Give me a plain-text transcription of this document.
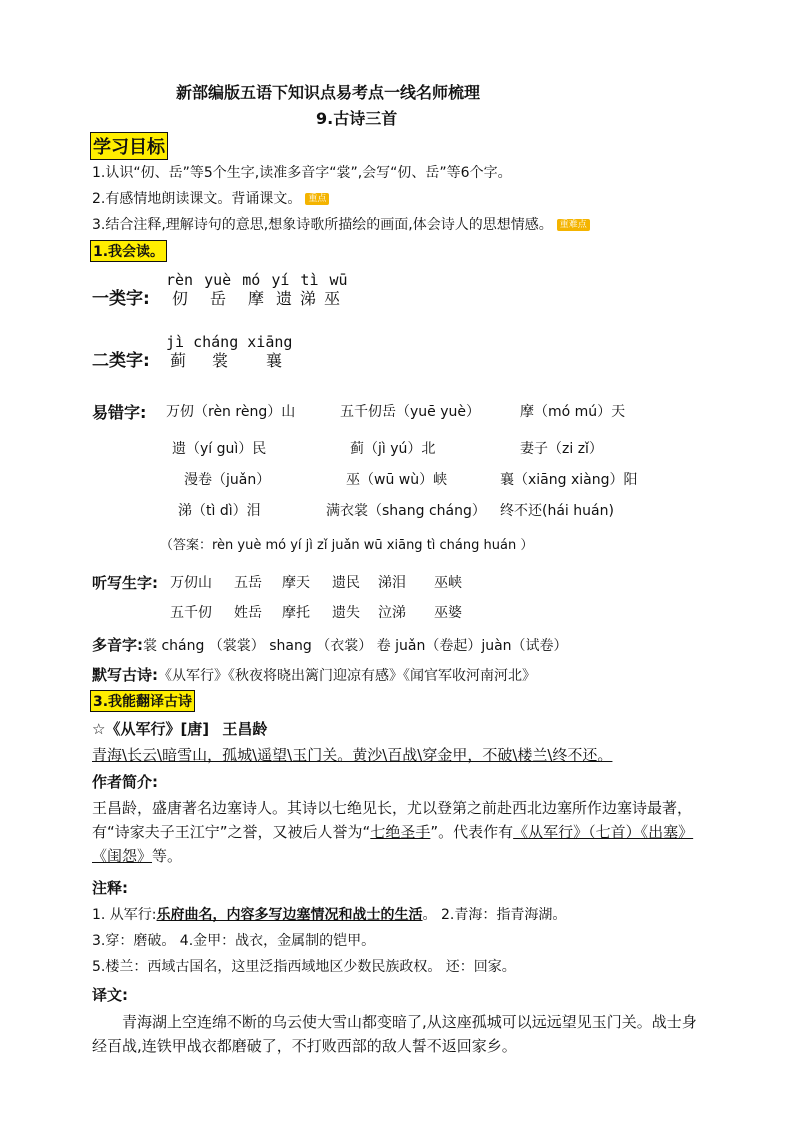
新部编版五语下知识点易考点一线名师梳理
9.古诗三首
学习目标
1.认识“仞、岳”等5个生字,读准多音字“裳”,会写“仞、岳”等6个字。
2.有感情地朗读课文。背诵课文。 重点
3.结合注释,理解诗句的意思,想象诗歌所描绘的画面,体会诗人的思想情感。 重难点
1.我会读。
rèn yuè mó yí tì wū
一类字: 仞 岳 摩 遗 涕 巫
jì cháng xiāng
二类字: 蓟 裳 襄
易错字: 万仞（rèn rèng）山	五千仞岳（yuē yuè）	摩（mó mú）天
遗（yí guì）民	蓟（jì yú）北	妻子（zi zǐ）
漫卷（juǎn）	巫（wū wù）峡	襄（xiāng xiàng）阳
涕（tì dì）泪	满衣裳（shang cháng） 终不还(hái huán)
（答案：rèn yuè mó yí jì zǐ juǎn wū xiāng tì cháng huán ）
听写生字: 万仞山 五岳 摩天 遗民 涕泪 巫峡
五千仞 姓岳 摩托 遗失 泣涕 巫婆
多音字:裳 cháng （裳裳） shang （衣裳） 卷 juǎn（卷起）juàn（试卷）
默写古诗:《从军行》《秋夜将晓出篱门迎凉有感》《闻官军收河南河北》
3.我能翻译古诗
☆《从军行》[唐] 王昌龄
青海\长云\暗雪山，孤城\遥望\玉门关。黄沙\百战\穿金甲，不破\楼兰\终不还。
作者简介:
王昌龄，盛唐著名边塞诗人。其诗以七绝见长，尤以登第之前赴西北边塞所作边塞诗最著，有“诗家夫子王江宁”之誉，又被后人誉为“七绝圣手”。代表作有《从军行》（七首）《出塞》《闺怨》等。
注释:
1. 从军行:乐府曲名，内容多写边塞情况和战士的生活。 2.青海：指青海湖。
3.穿：磨破。 4.金甲：战衣，金属制的铠甲。
5.楼兰：西域古国名，这里泛指西域地区少数民族政权。 还：回家。
译文:
青海湖上空连绵不断的乌云使大雪山都变暗了,从这座孤城可以远远望见玉门关。战士身经百战,连铁甲战衣都磨破了，不打败西部的敌人誓不返回家乡。
